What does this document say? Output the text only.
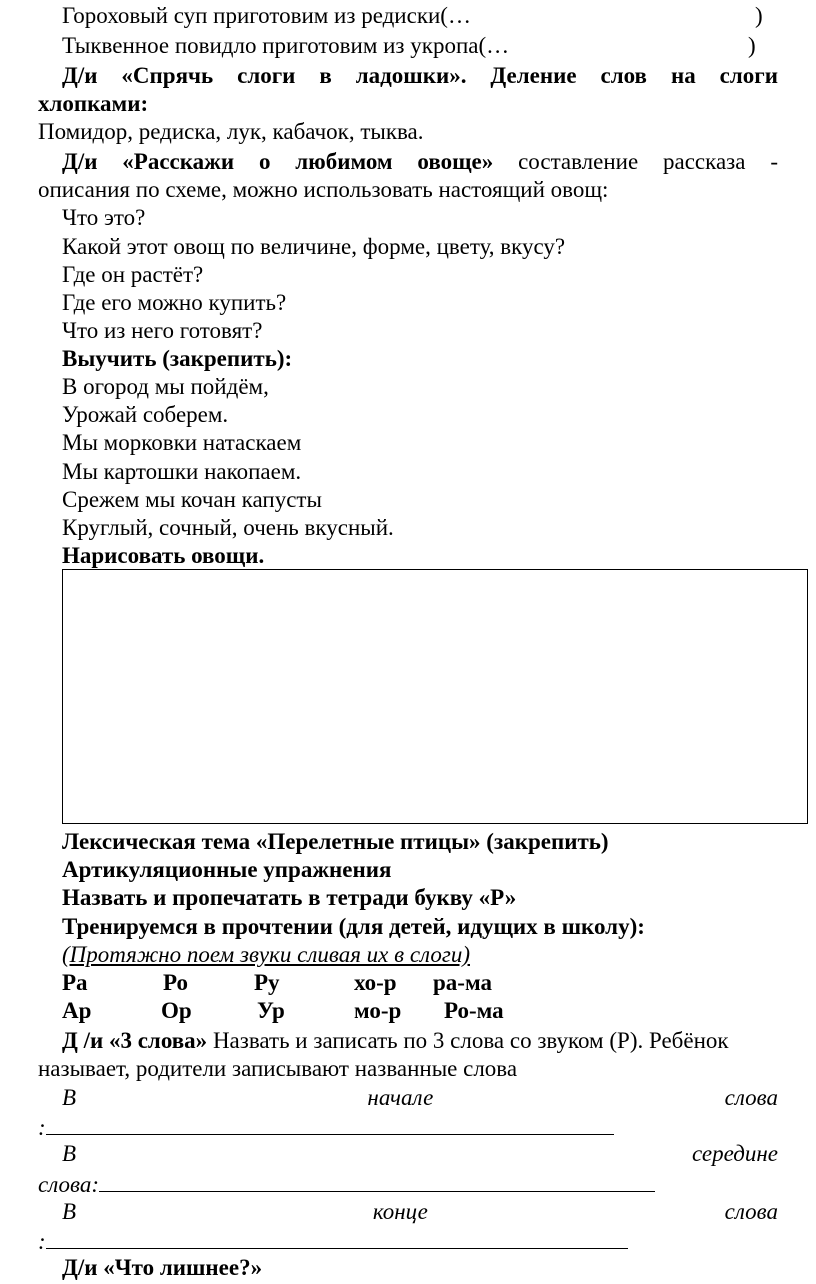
Гороховый суп приготовим из редиски(…	)
Тыквенное повидло приготовим из укропа(…	)
Д/и «Спрячь слоги в ладошки». Деление слов на слоги
хлопками:
Помидор, редиска, лук, кабачок, тыква.
Д/и «Расскажи о любимом овоще» составление рассказа -
описания по схеме, можно использовать настоящий овощ:
Что это?
Какой этот овощ по величине, форме, цвету, вкусу?
Где он растёт?
Где его можно купить?
Что из него готовят?
Выучить (закрепить):
В огород мы пойдём,
Урожай соберем.
Мы морковки натаскаем
Мы картошки накопаем.
Срежем мы кочан капусты
Круглый, сочный, очень вкусный.
Нарисовать овощи.
Лексическая тема «Перелетные птицы» (закрепить)
Артикуляционные упражнения
Назвать и пропечатать в тетради букву «Р»
Тренируемся в прочтении (для детей, идущих в школу):
(Протяжно поем звуки сливая их в слоги)
Ра	Ро	Ру	хо-р ра-ма
Ар	Ор	Ур	мо-р Ро-ма
Д /и «3 слова» Назвать и записать по 3 слова со звуком (Р). Ребёнок
называет, родители записывают названные слова
В	начале	слова
:
В	середине
слова:
В	конце	слова
:
Д/и «Что лишнее?»
